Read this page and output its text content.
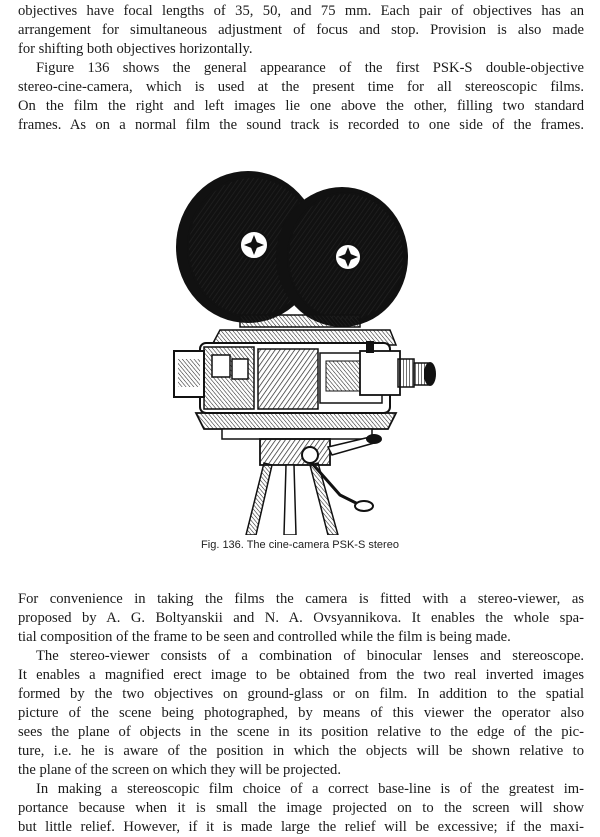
objectives have focal lengths of 35, 50, and 75 mm. Each pair of objectives has an
arrangement for simultaneous adjustment of focus and stop. Provision is also made
for shifting both objectives horizontally.
Figure 136 shows the general appearance of the first PSK-S double-objective
stereo-cine-camera, which is used at the present time for all stereoscopic films.
On the film the right and left images lie one above the other, filling two standard
frames. As on a normal film the sound track is recorded to one side of the frames.
For convenience in taking the films the camera is fitted with a stereo-viewer, as
proposed by A. G. Boltyanskii and N. A. Ovsyannikova. It enables the whole spa-
tial composition of the frame to be seen and controlled while the film is being made.
The stereo-viewer consists of a combination of binocular lenses and stereoscope.
It enables a magnified erect image to be obtained from the two real inverted images
formed by the two objectives on ground-glass or on film. In addition to the spatial
picture of the scene being photographed, by means of this viewer the operator also
sees the plane of objects in the scene in its position relative to the edge of the pic-
ture, i.e. he is aware of the position in which the objects will be shown relative to
the plane of the screen on which they will be projected.
In making a stereoscopic film choice of a correct base-line is of the greatest im-
portance because when it is small the image projected on to the screen will show
but little relief. However, if it is made large the relief will be excessive; if the maxi-
Fig. 136. The cine-camera PSK-S stereo
